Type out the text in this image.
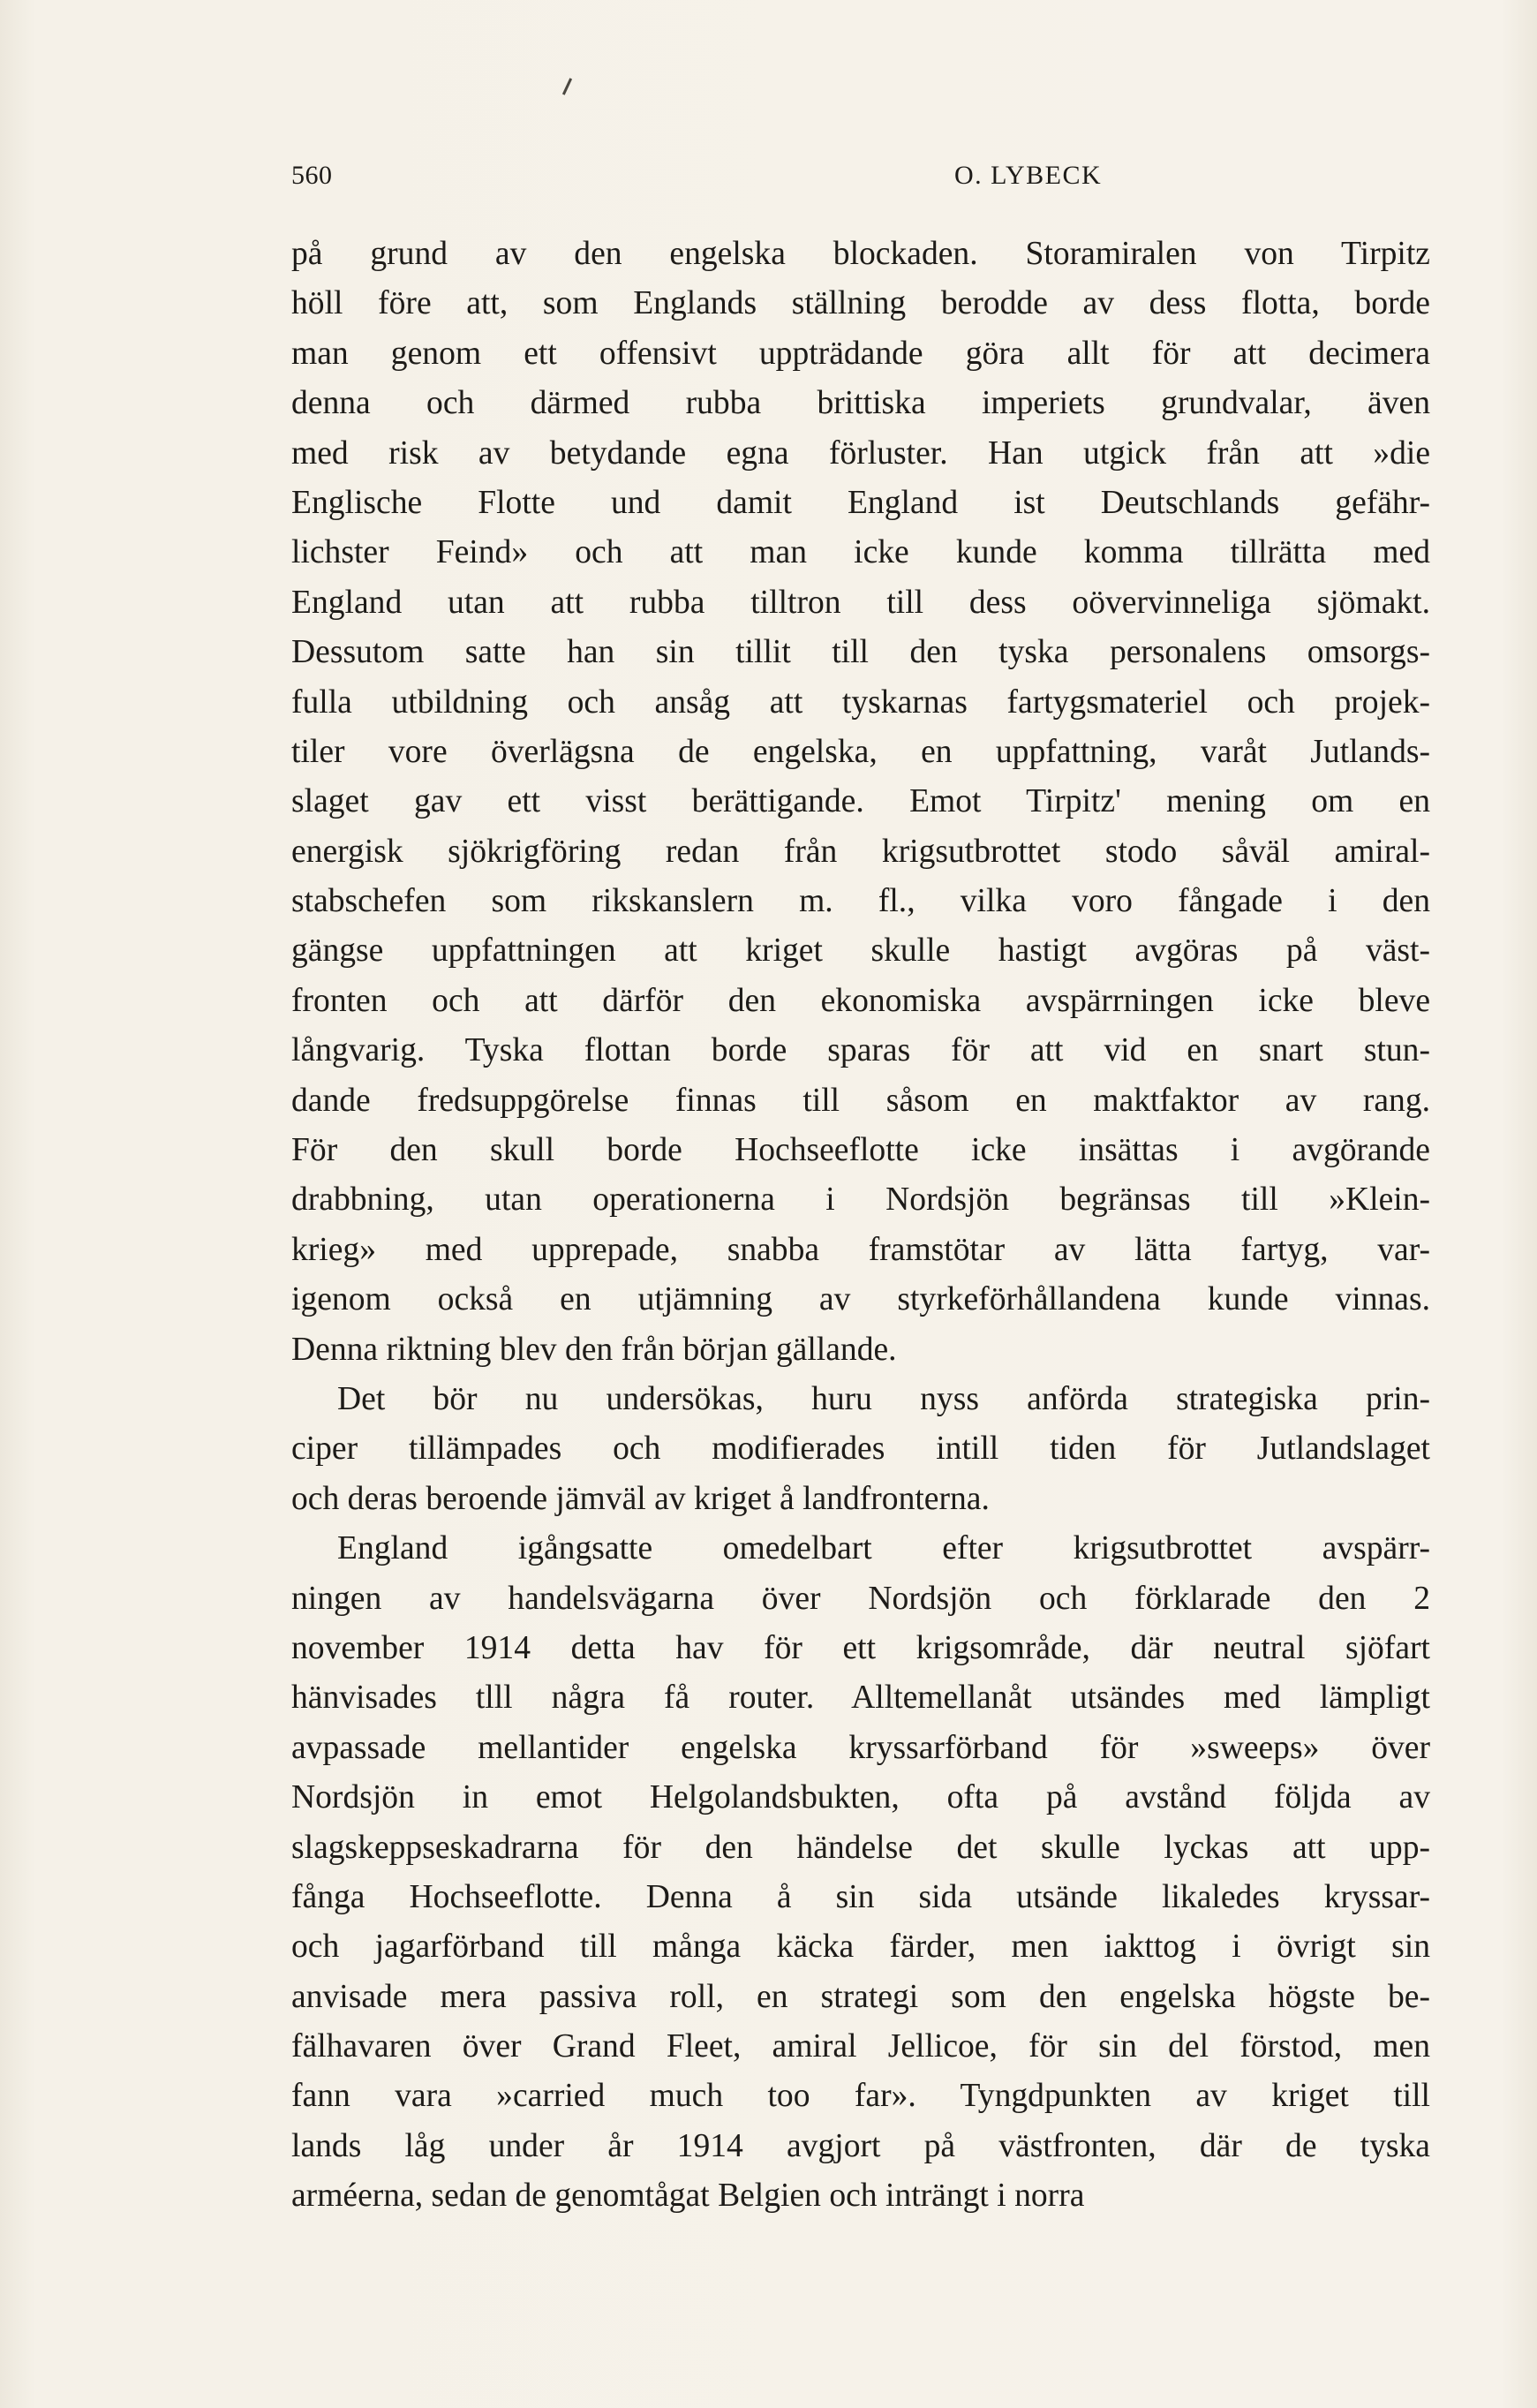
560	O. LYBECK
på grund av den engelska blockaden. Storamiralen von Tirpitz
höll före att, som Englands ställning berodde av dess flotta, borde
man genom ett offensivt uppträdande göra allt för att decimera
denna och därmed rubba brittiska imperiets grundvalar, även
med risk av betydande egna förluster. Han utgick från att »die
Englische Flotte und damit England ist Deutschlands gefähr-
lichster Feind» och att man icke kunde komma tillrätta med
England utan att rubba tilltron till dess oövervinneliga sjömakt.
Dessutom satte han sin tillit till den tyska personalens omsorgs-
fulla utbildning och ansåg att tyskarnas fartygsmateriel och projek-
tiler vore överlägsna de engelska, en uppfattning, varåt Jutlands-
slaget gav ett visst berättigande. Emot Tirpitz' mening om en
energisk sjökrigföring redan från krigsutbrottet stodo såväl amiral-
stabschefen som rikskanslern m. fl., vilka voro fångade i den
gängse uppfattningen att kriget skulle hastigt avgöras på väst-
fronten och att därför den ekonomiska avspärrningen icke bleve
långvarig. Tyska flottan borde sparas för att vid en snart stun-
dande fredsuppgörelse finnas till såsom en maktfaktor av rang.
För den skull borde Hochseeflotte icke insättas i avgörande
drabbning, utan operationerna i Nordsjön begränsas till »Klein-
krieg» med upprepade, snabba framstötar av lätta fartyg, var-
igenom också en utjämning av styrkeförhållandena kunde vinnas.
Denna riktning blev den från början gällande.
Det bör nu undersökas, huru nyss anförda strategiska prin-
ciper tillämpades och modifierades intill tiden för Jutlandslaget
och deras beroende jämväl av kriget å landfronterna.
England igångsatte omedelbart efter krigsutbrottet avspärr-
ningen av handelsvägarna över Nordsjön och förklarade den 2
november 1914 detta hav för ett krigsområde, där neutral sjöfart
hänvisades tlll några få router. Alltemellanåt utsändes med lämpligt
avpassade mellantider engelska kryssarförband för »sweeps» över
Nordsjön in emot Helgolandsbukten, ofta på avstånd följda av
slagskeppseskadrarna för den händelse det skulle lyckas att upp-
fånga Hochseeflotte. Denna å sin sida utsände likaledes kryssar-
och jagarförband till många käcka färder, men iakttog i övrigt sin
anvisade mera passiva roll, en strategi som den engelska högste be-
fälhavaren över Grand Fleet, amiral Jellicoe, för sin del förstod, men
fann vara »carried much too far». Tyngdpunkten av kriget till
lands låg under år 1914 avgjort på västfronten, där de tyska
arméerna, sedan de genomtågat Belgien och inträngt i norra
